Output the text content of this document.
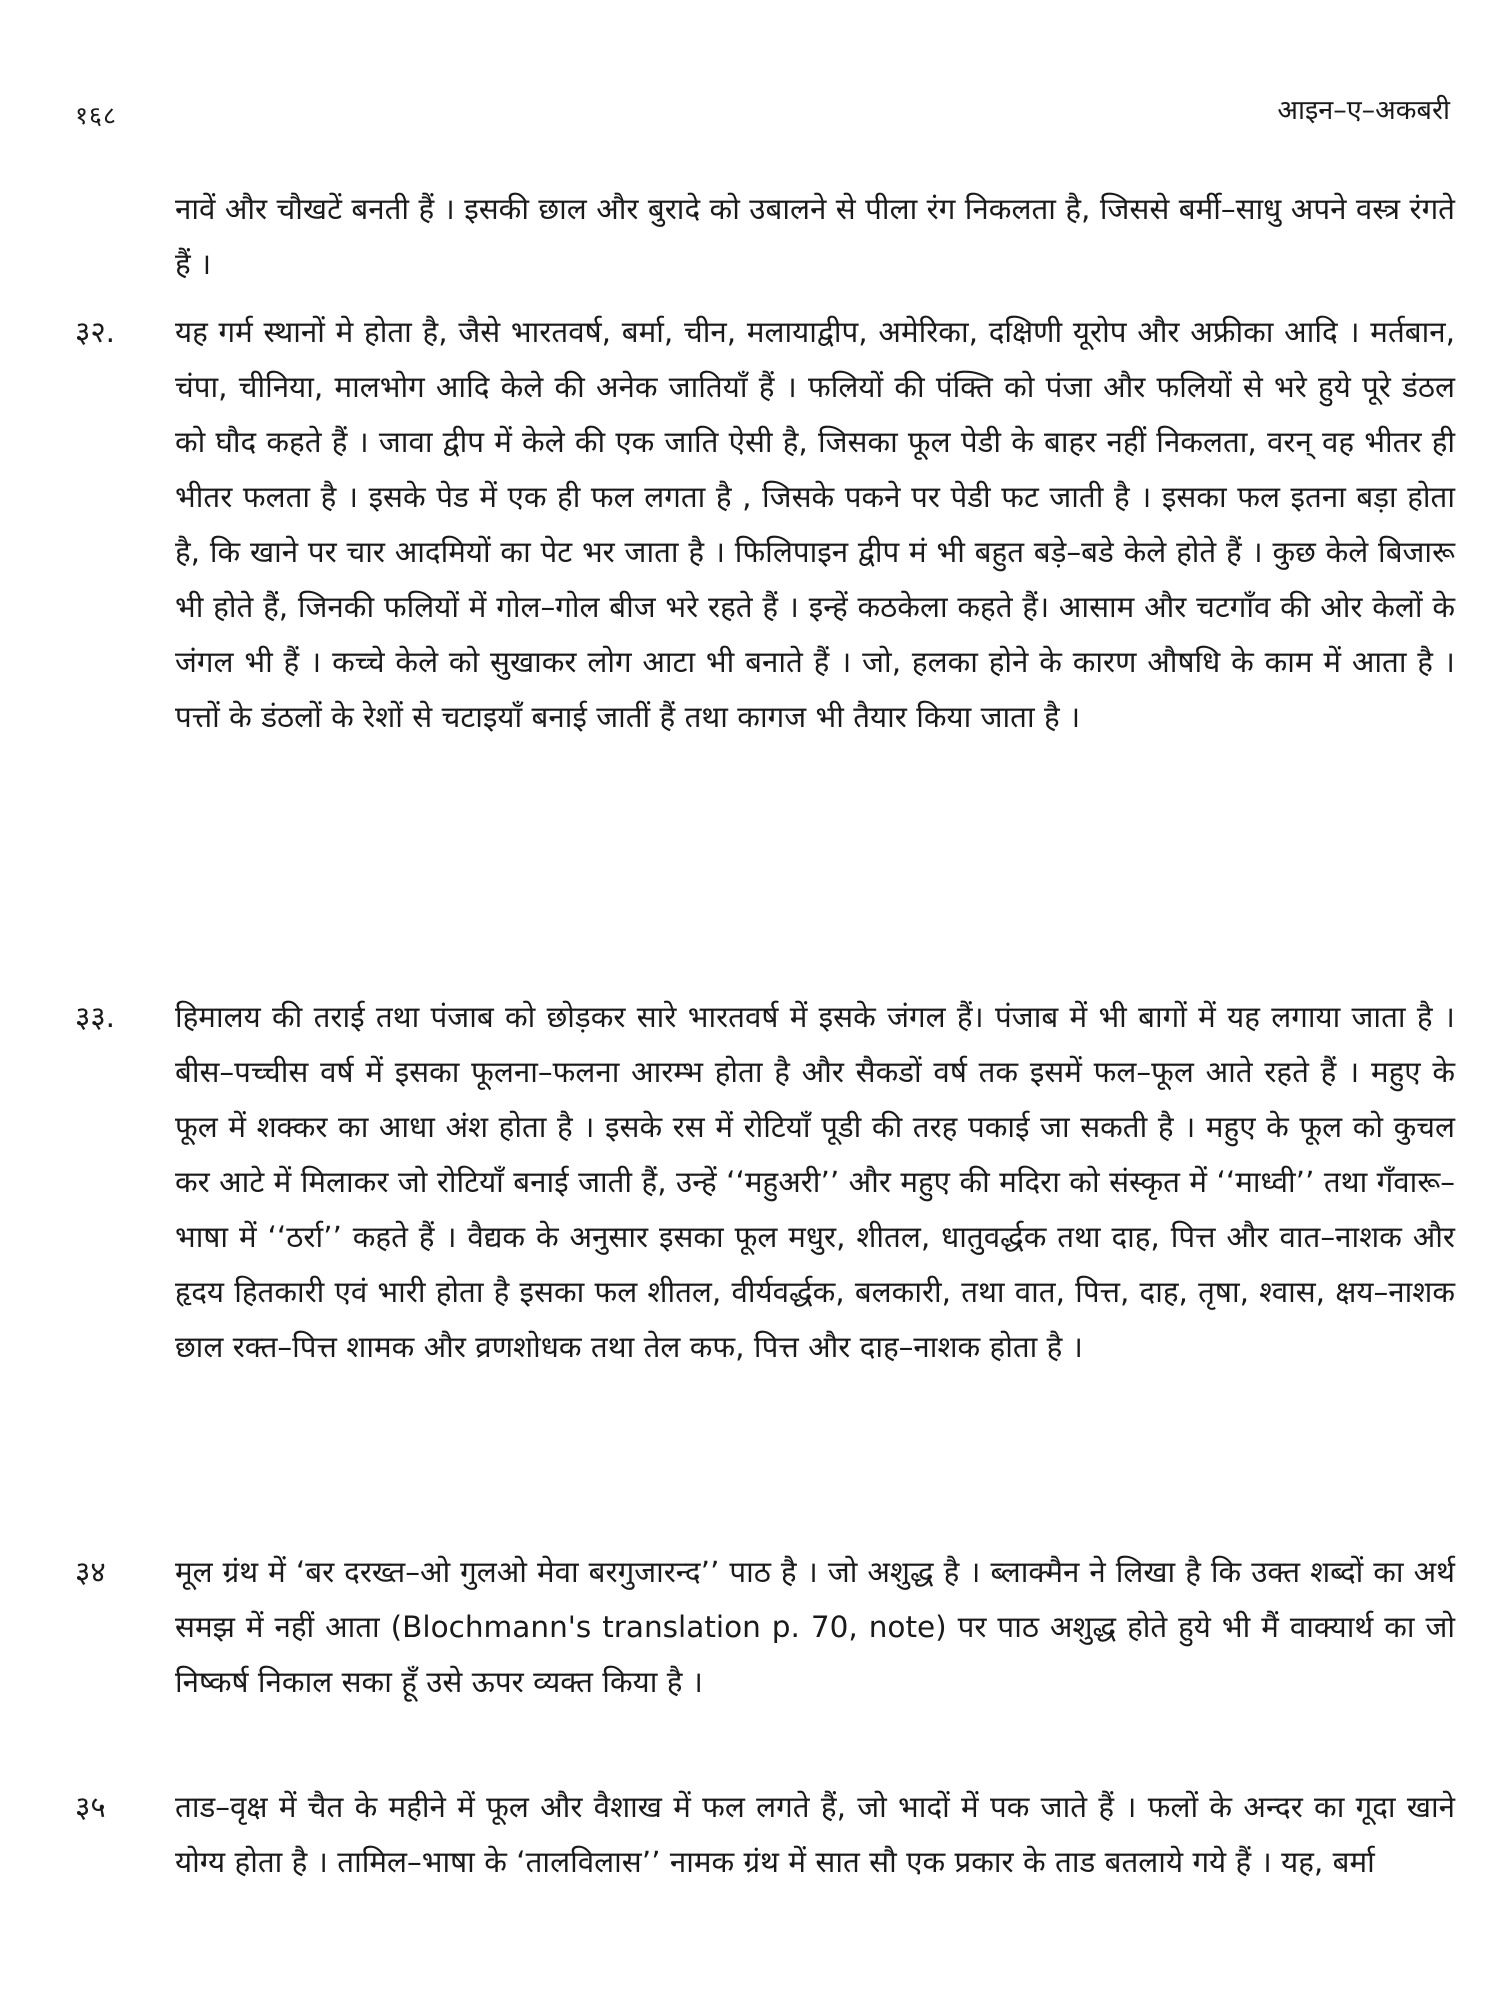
१६८	आइन–ए–अकबरी
नावें और चौखटें बनती हैं । इसकी छाल और बुरादे को उबालने से पीला रंग निकलता है, जिससे बर्मी–साधु अपने वस्त्र रंगते हैं ।
३२.	यह गर्म स्थानों मे होता है, जैसे भारतवर्ष, बर्मा, चीन, मलायाद्वीप, अमेरिका, दक्षिणी यूरोप और अफ्रीका आदि । मर्तबान, चंपा, चीनिया, मालभोग आदि केले की अनेक जातियाँ हैं । फलियों की पंक्ति को पंजा और फलियों से भरे हुये पूरे डंठल को घौद कहते हैं । जावा द्वीप में केले की एक जाति ऐसी है, जिसका फूल पेडी के बाहर नहीं निकलता, वरन् वह भीतर ही भीतर फलता है । इसके पेड में एक ही फल लगता है , जिसके पकने पर पेडी फट जाती है । इसका फल इतना बड़ा होता है, कि खाने पर चार आदमियों का पेट भर जाता है । फिलिपाइन द्वीप मं भी बहुत बड़े–बडे केले होते हैं । कुछ केले बिजारू भी होते हैं, जिनकी फलियों में गोल–गोल बीज भरे रहते हैं । इन्हें कठकेला कहते हैं। आसाम और चटगाँव की ओर केलों के जंगल भी हैं । कच्चे केले को सुखाकर लोग आटा भी बनाते हैं । जो, हलका होने के कारण औषधि के काम में आता है । पत्तों के डंठलों के रेशों से चटाइयाँ बनाई जातीं हैं तथा कागज भी तैयार किया जाता है ।
३३.	हिमालय की तराई तथा पंजाब को छोड़कर सारे भारतवर्ष में इसके जंगल हैं। पंजाब में भी बागों में यह लगाया जाता है । बीस–पच्चीस वर्ष में इसका फूलना–फलना आरम्भ होता है और सैकडों वर्ष तक इसमें फल–फूल आते रहते हैं । महुए के फूल में शक्कर का आधा अंश होता है । इसके रस में रोटियाँ पूडी की तरह पकाई जा सकती है । महुए के फूल को कुचल कर आटे में मिलाकर जो रोटियाँ बनाई जाती हैं, उन्हें ‘‘महुअरी’’ और महुए की मदिरा को संस्कृत में ‘‘माध्वी’’ तथा गँवारू–भाषा में ‘‘ठर्रा’’ कहते हैं । वैद्यक के अनुसार इसका फूल मधुर, शीतल, धातुवर्द्धक तथा दाह, पित्त और वात–नाशक और हृदय हितकारी एवं भारी होता है इसका फल शीतल, वीर्यवर्द्धक, बलकारी, तथा वात, पित्त, दाह, तृषा, श्वास, क्षय–नाशक छाल रक्त–पित्त शामक और व्रणशोधक तथा तेल कफ, पित्त और दाह–नाशक होता है ।
३४	मूल ग्रंथ में ‘बर दरख्त–ओ गुलओ मेवा बरगुजारन्द’’ पाठ है । जो अशुद्ध है । ब्लाक्मैन ने लिखा है कि उक्त शब्दों का अर्थ समझ में नहीं आता (Blochmann's translation p. 70, note) पर पाठ अशुद्ध होते हुये भी मैं वाक्यार्थ का जो निष्कर्ष निकाल सका हूँ उसे ऊपर व्यक्त किया है ।
३५	ताड–वृक्ष में चैत के महीने में फूल और वैशाख में फल लगते हैं, जो भादों में पक जाते हैं । फलों के अन्दर का गूदा खाने योग्य होता है । तामिल–भाषा के ‘तालविलास’’ नामक ग्रंथ में सात सौ एक प्रकार के ताड बतलाये गये हैं । यह, बर्मा
